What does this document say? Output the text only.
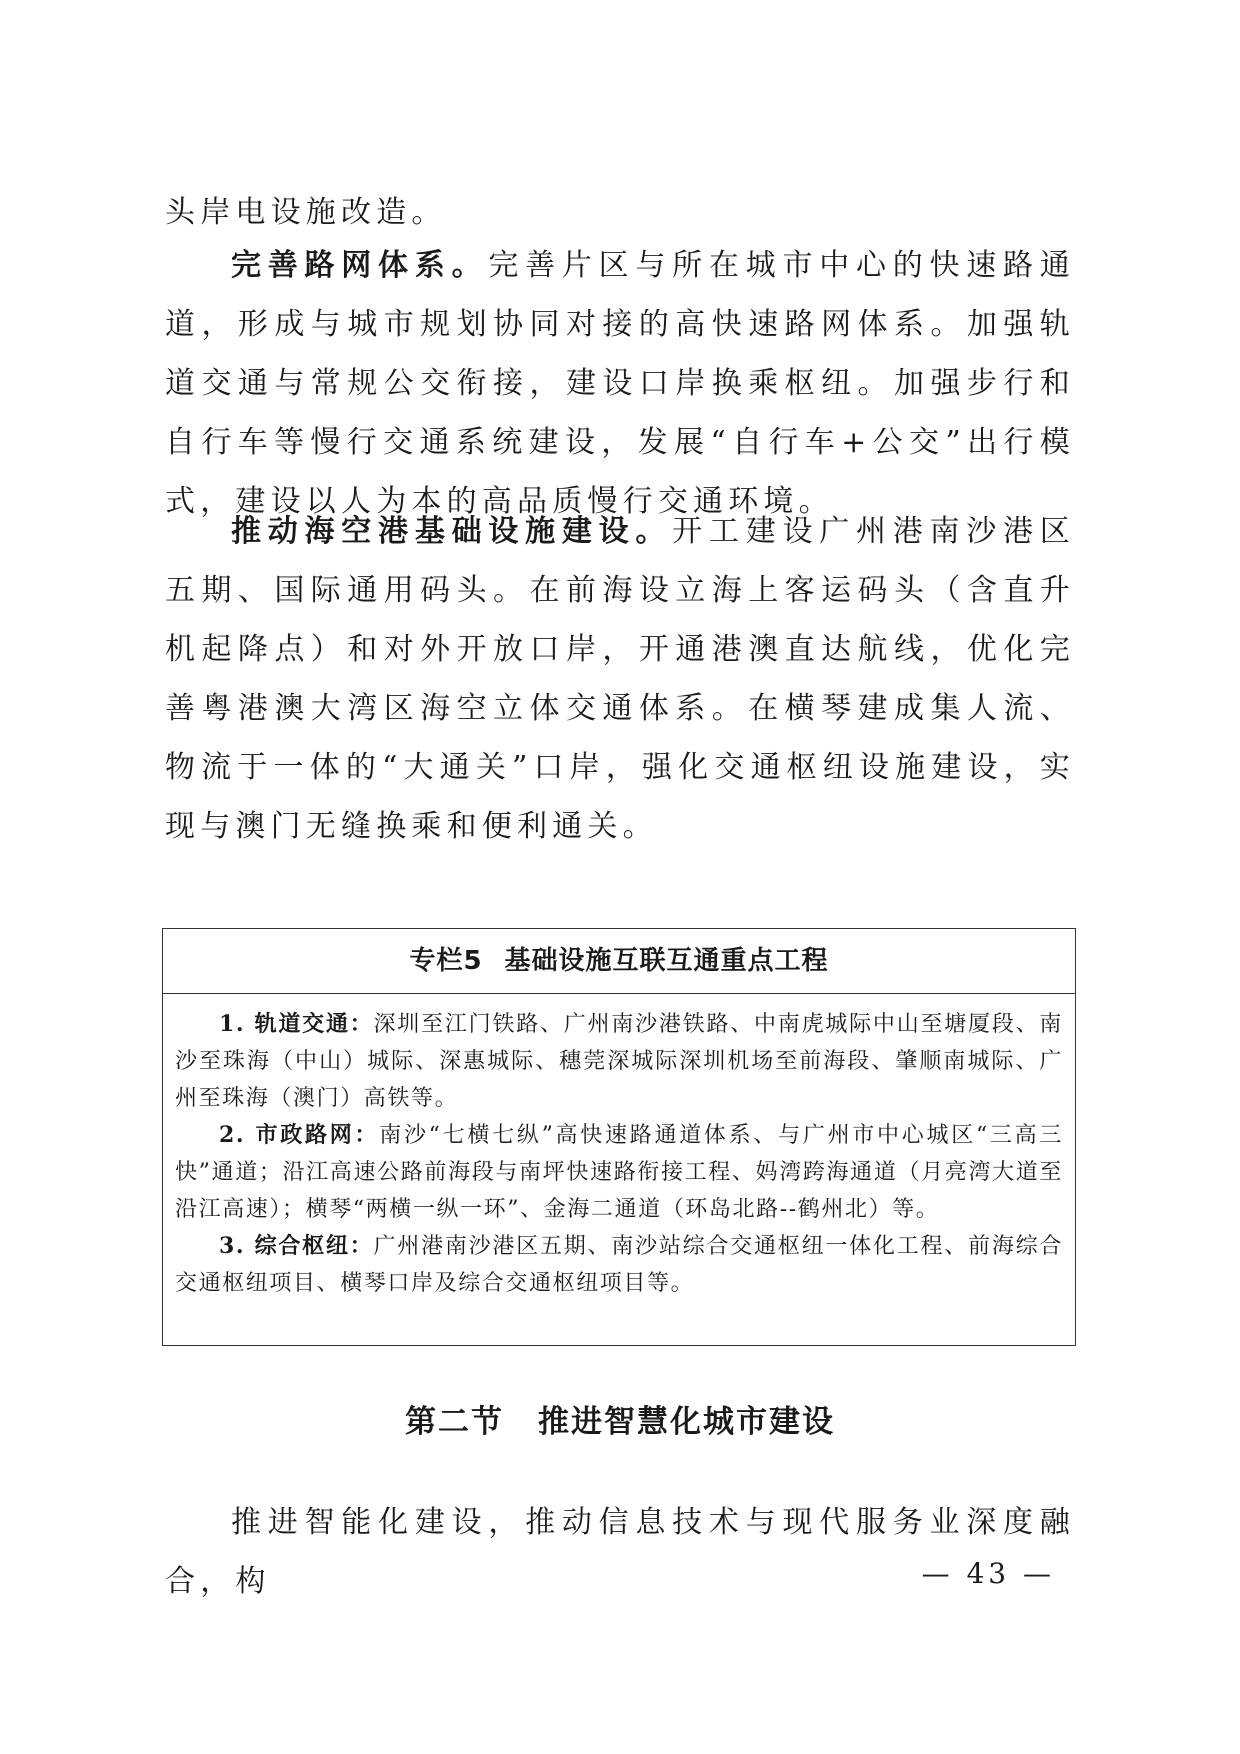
头岸电设施改造。

完善路网体系。完善片区与所在城市中心的快速路通道，形成与城市规划协同对接的高快速路网体系。加强轨道交通与常规公交衔接，建设口岸换乘枢纽。加强步行和自行车等慢行交通系统建设，发展“自行车+公交”出行模式，建设以人为本的高品质慢行交通环境。

推动海空港基础设施建设。开工建设广州港南沙港区五期、国际通用码头。在前海设立海上客运码头（含直升机起降点）和对外开放口岸，开通港澳直达航线，优化完善粤港澳大湾区海空立体交通体系。在横琴建成集人流、物流于一体的“大通关”口岸，强化交通枢纽设施建设，实现与澳门无缝换乘和便利通关。

专栏5 基础设施互联互通重点工程

1. 轨道交通：深圳至江门铁路、广州南沙港铁路、中南虎城际中山至塘厦段、南沙至珠海（中山）城际、深惠城际、穗莞深城际深圳机场至前海段、肇顺南城际、广州至珠海（澳门）高铁等。

2. 市政路网：南沙“七横七纵”高快速路通道体系、与广州市中心城区“三高三快”通道；沿江高速公路前海段与南坪快速路衔接工程、妈湾跨海通道（月亮湾大道至沿江高速）；横琴“两横一纵一环”、金海二通道（环岛北路--鹤州北）等。

3. 综合枢纽：广州港南沙港区五期、南沙站综合交通枢纽一体化工程、前海综合交通枢纽项目、横琴口岸及综合交通枢纽项目等。

第二节 推进智慧化城市建设

推进智能化建设，推动信息技术与现代服务业深度融合，构	— 43 —
